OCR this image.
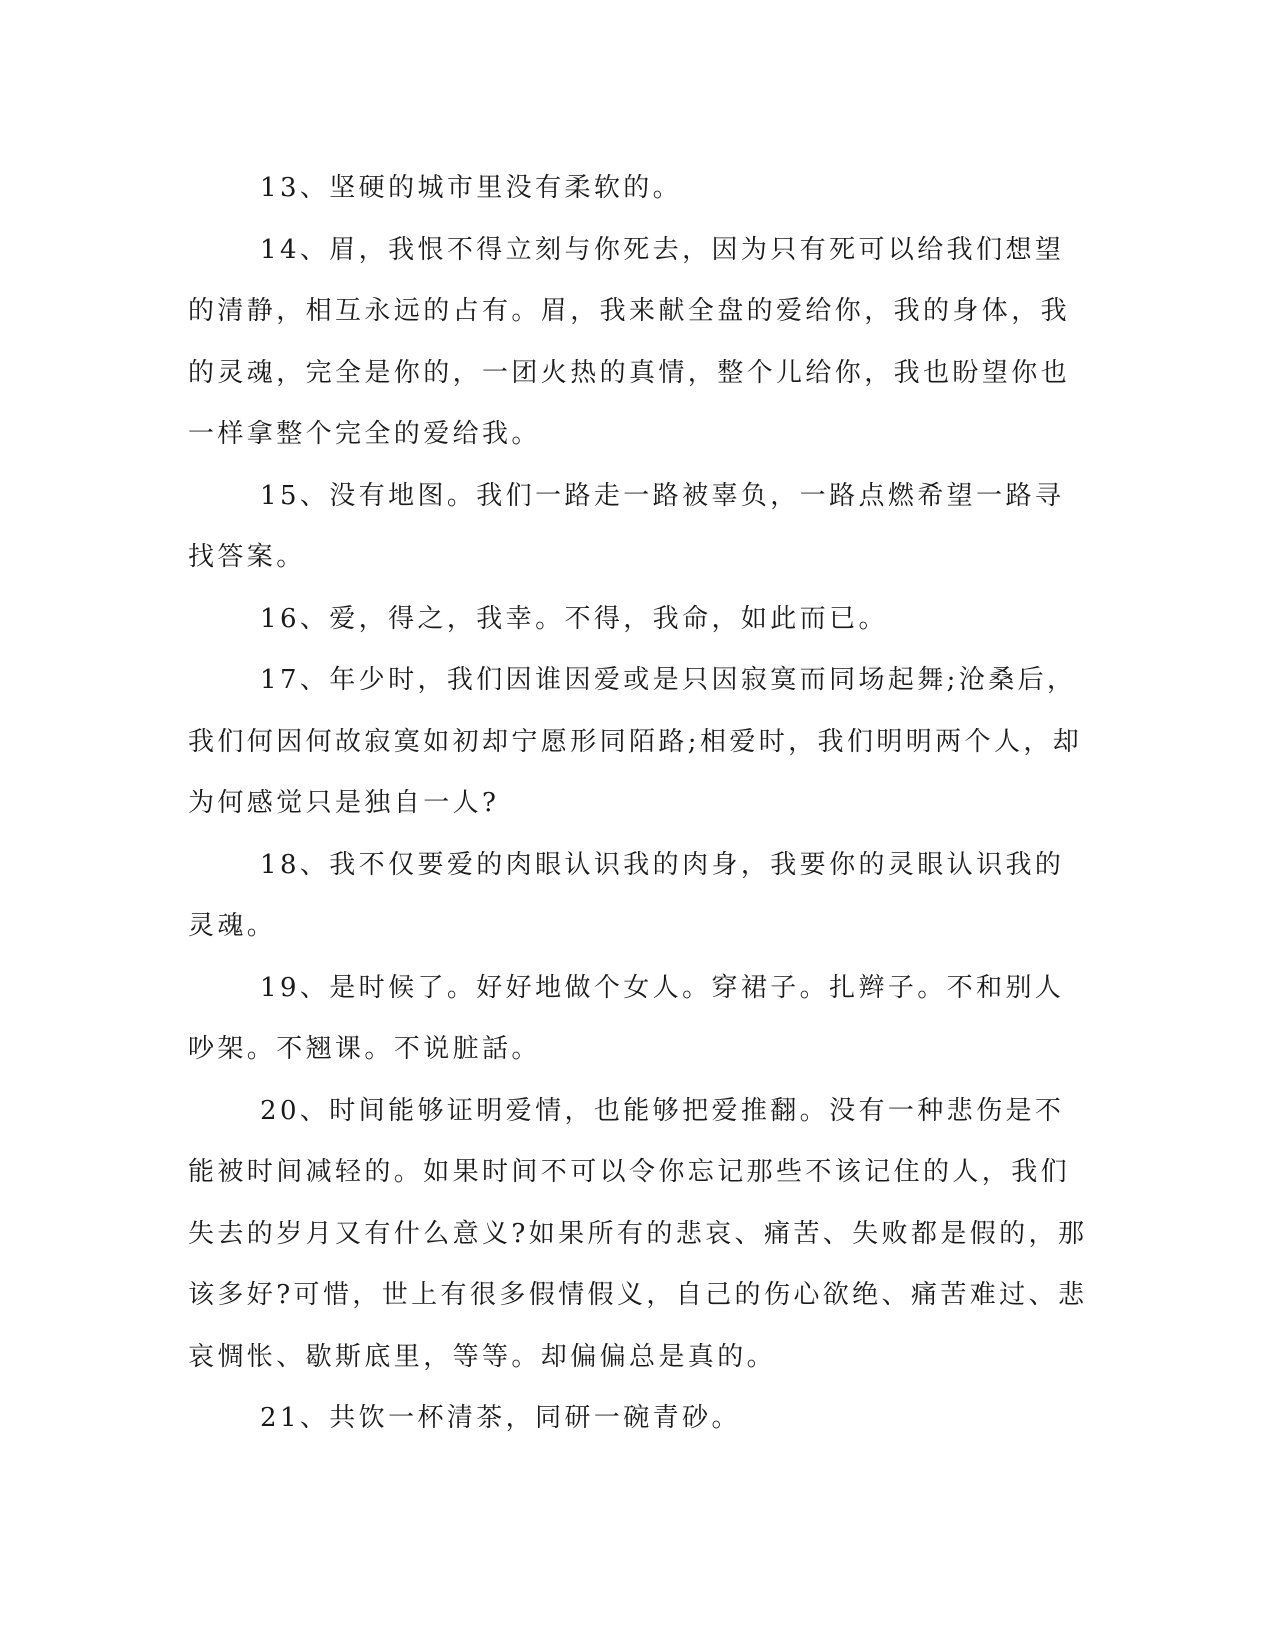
13、坚硬的城市里没有柔软的。

14、眉，我恨不得立刻与你死去，因为只有死可以给我们想望的清静，相互永远的占有。眉，我来献全盘的爱给你，我的身体，我的灵魂，完全是你的，一团火热的真情，整个儿给你，我也盼望你也一样拿整个完全的爱给我。

15、没有地图。我们一路走一路被辜负，一路点燃希望一路寻找答案。

16、爱，得之，我幸。不得，我命，如此而已。

17、年少时，我们因谁因爱或是只因寂寞而同场起舞;沧桑后，我们何因何故寂寞如初却宁愿形同陌路;相爱时，我们明明两个人，却为何感觉只是独自一人?

18、我不仅要爱的肉眼认识我的肉身，我要你的灵眼认识我的灵魂。

19、是时候了。好好地做个女人。穿裙子。扎辫子。不和别人吵架。不翘课。不说脏話。

20、时间能够证明爱情，也能够把爱推翻。没有一种悲伤是不能被时间减轻的。如果时间不可以令你忘记那些不该记住的人，我们失去的岁月又有什么意义?如果所有的悲哀、痛苦、失败都是假的，那该多好?可惜，世上有很多假情假义，自己的伤心欲绝、痛苦难过、悲哀惆怅、歇斯底里，等等。却偏偏总是真的。

21、共饮一杯清茶，同研一碗青砂。
